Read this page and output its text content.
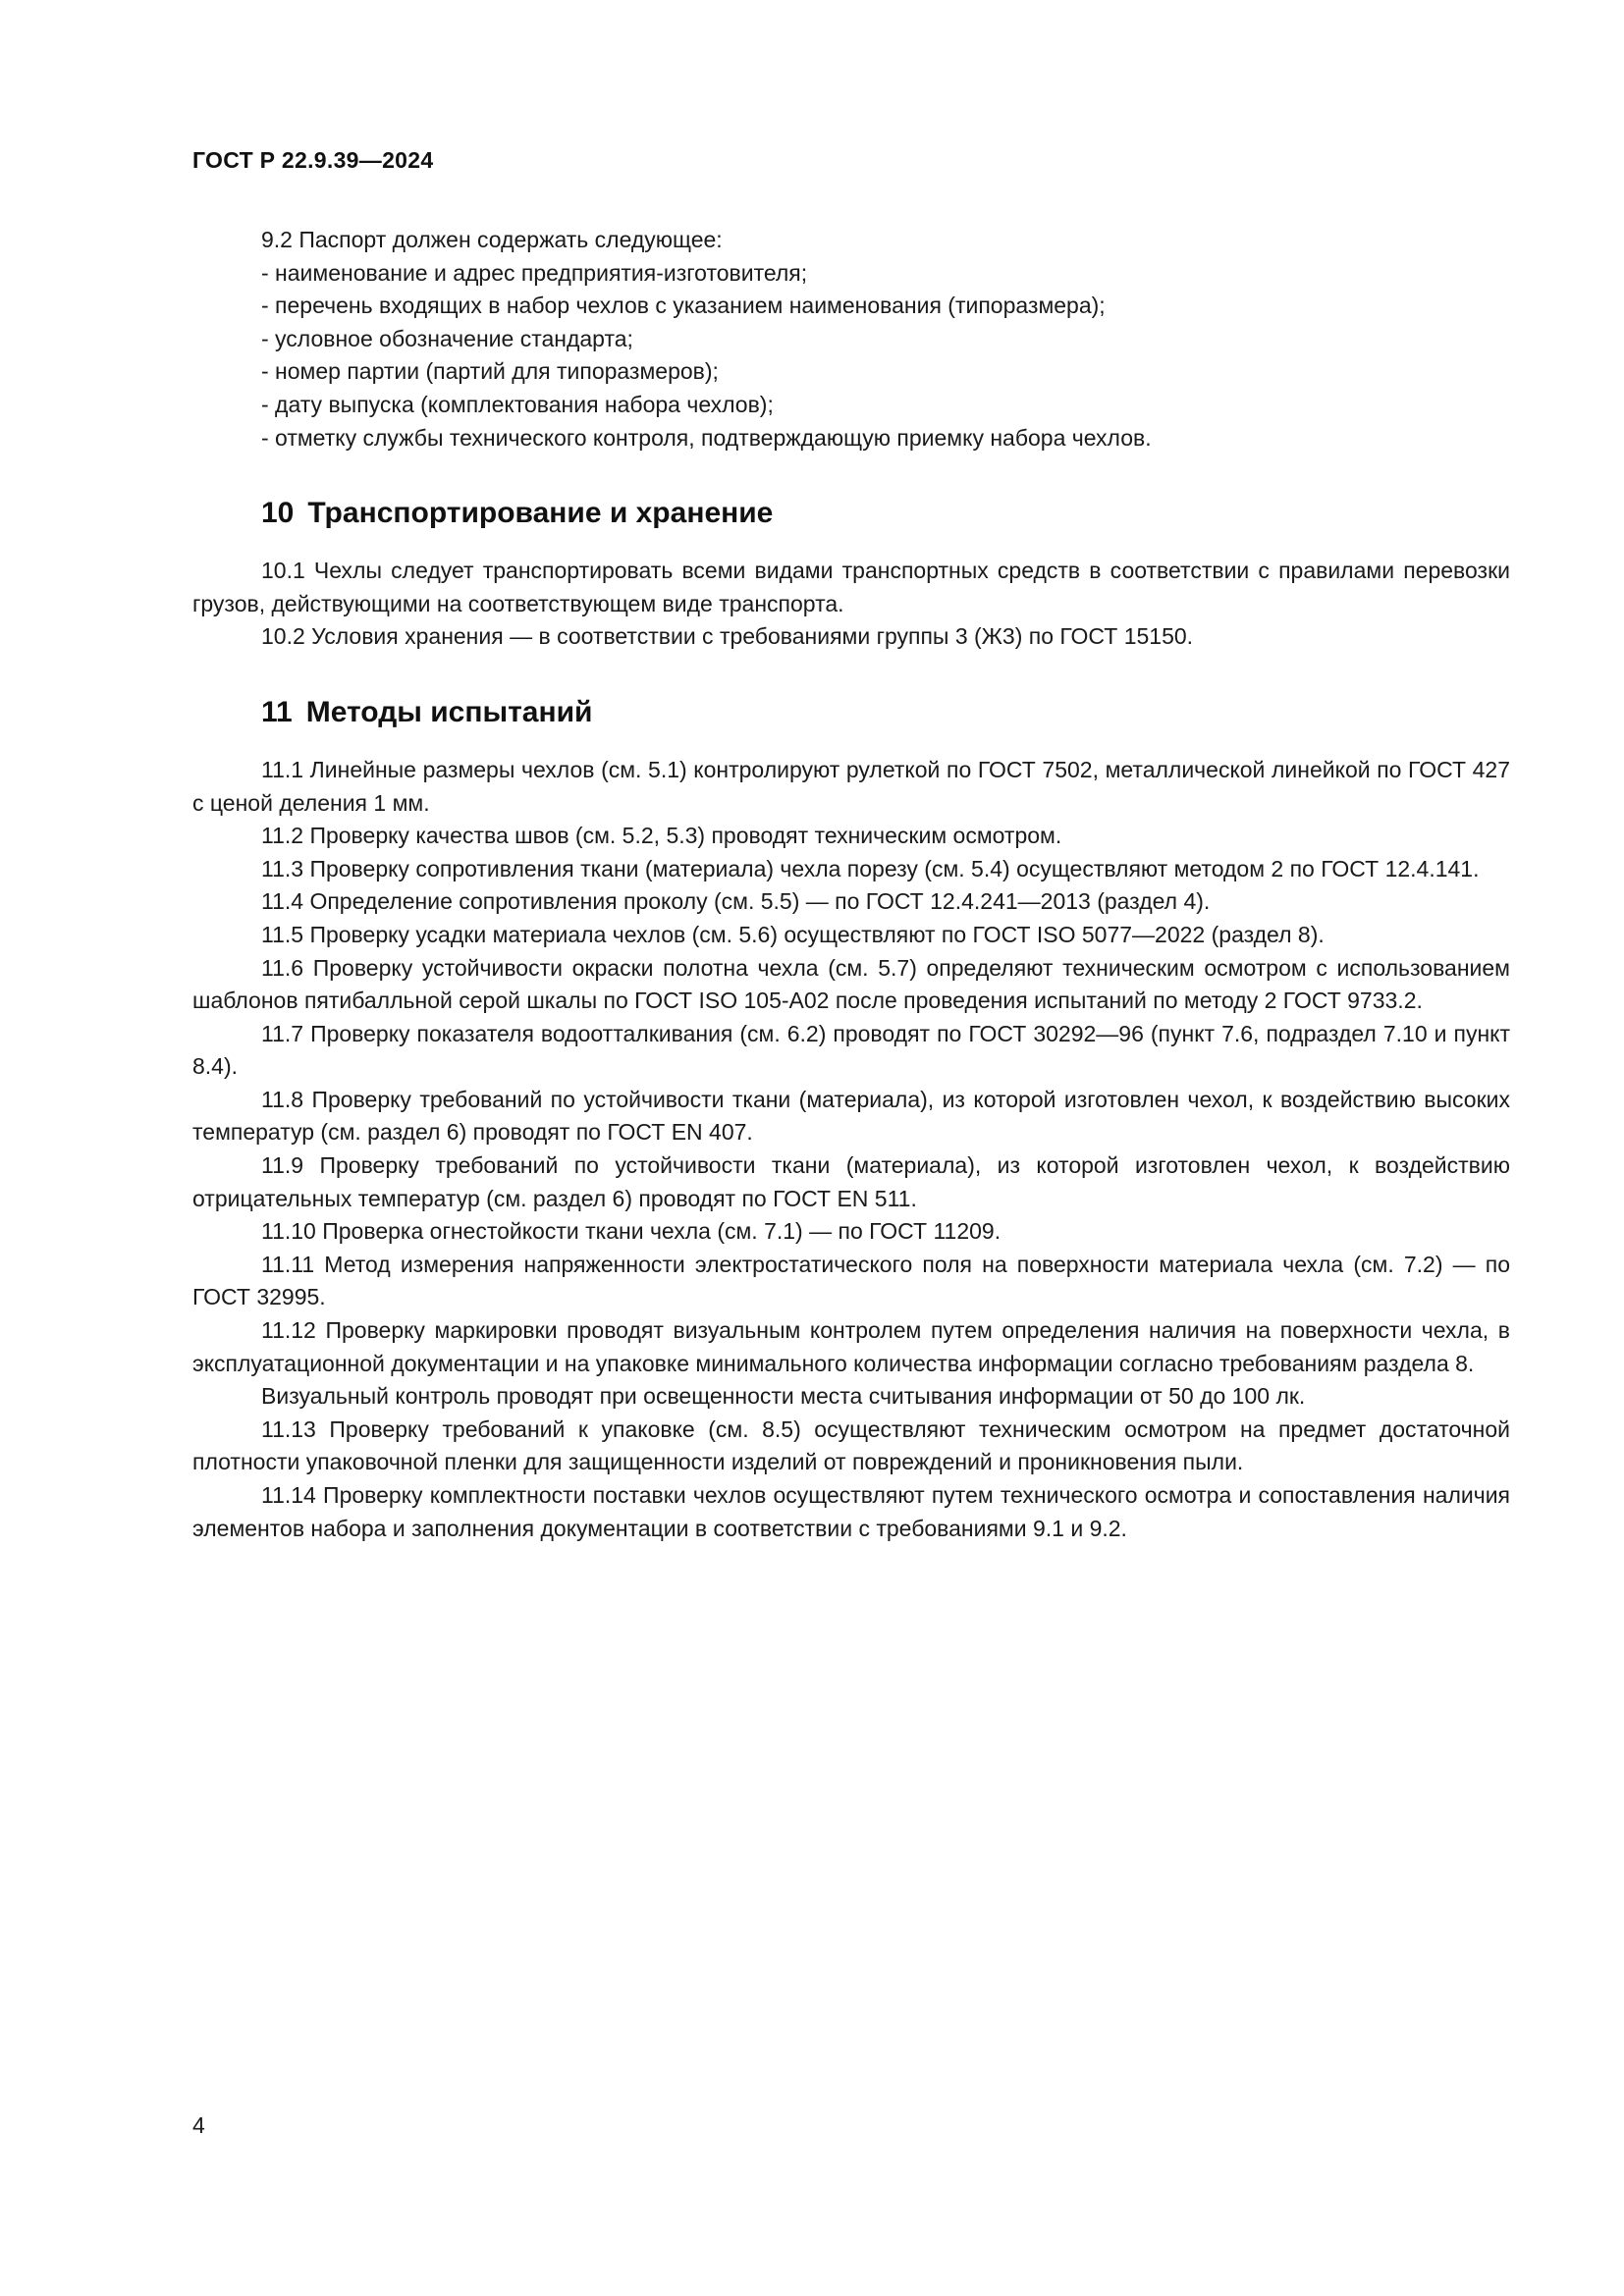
ГОСТ Р 22.9.39—2024

9.2 Паспорт должен содержать следующее:

- наименование и адрес предприятия-изготовителя;
- перечень входящих в набор чехлов с указанием наименования (типоразмера);
- условное обозначение стандарта;
- номер партии (партий для типоразмеров);
- дату выпуска (комплектования набора чехлов);
- отметку службы технического контроля, подтверждающую приемку набора чехлов.
10 Транспортирование и хранение

10.1 Чехлы следует транспортировать всеми видами транспортных средств в соответствии с правилами перевозки грузов, действующими на соответствующем виде транспорта.

10.2 Условия хранения — в соответствии с требованиями группы 3 (Ж3) по ГОСТ 15150.

11 Методы испытаний

11.1 Линейные размеры чехлов (см. 5.1) контролируют рулеткой по ГОСТ 7502, металлической линейкой по ГОСТ 427 с ценой деления 1 мм.

11.2 Проверку качества швов (см. 5.2, 5.3) проводят техническим осмотром.

11.3 Проверку сопротивления ткани (материала) чехла порезу (см. 5.4) осуществляют методом 2 по ГОСТ 12.4.141.

11.4 Определение сопротивления проколу (см. 5.5) — по ГОСТ 12.4.241—2013 (раздел 4).

11.5 Проверку усадки материала чехлов (см. 5.6) осуществляют по ГОСТ ISO 5077—2022 (раздел 8).

11.6 Проверку устойчивости окраски полотна чехла (см. 5.7) определяют техническим осмотром с использованием шаблонов пятибалльной серой шкалы по ГОСТ ISO 105-A02 после проведения испытаний по методу 2 ГОСТ 9733.2.

11.7 Проверку показателя водоотталкивания (см. 6.2) проводят по ГОСТ 30292—96 (пункт 7.6, подраздел 7.10 и пункт 8.4).

11.8 Проверку требований по устойчивости ткани (материала), из которой изготовлен чехол, к воздействию высоких температур (см. раздел 6) проводят по ГОСТ EN 407.

11.9 Проверку требований по устойчивости ткани (материала), из которой изготовлен чехол, к воздействию отрицательных температур (см. раздел 6) проводят по ГОСТ EN 511.

11.10 Проверка огнестойкости ткани чехла (см. 7.1) — по ГОСТ 11209.

11.11 Метод измерения напряженности электростатического поля на поверхности материала чехла (см. 7.2) — по ГОСТ 32995.

11.12 Проверку маркировки проводят визуальным контролем путем определения наличия на поверхности чехла, в эксплуатационной документации и на упаковке минимального количества информации согласно требованиям раздела 8.

Визуальный контроль проводят при освещенности места считывания информации от 50 до 100 лк.

11.13 Проверку требований к упаковке (см. 8.5) осуществляют техническим осмотром на предмет достаточной плотности упаковочной пленки для защищенности изделий от повреждений и проникновения пыли.

11.14 Проверку комплектности поставки чехлов осуществляют путем технического осмотра и сопоставления наличия элементов набора и заполнения документации в соответствии с требованиями 9.1 и 9.2.

4
